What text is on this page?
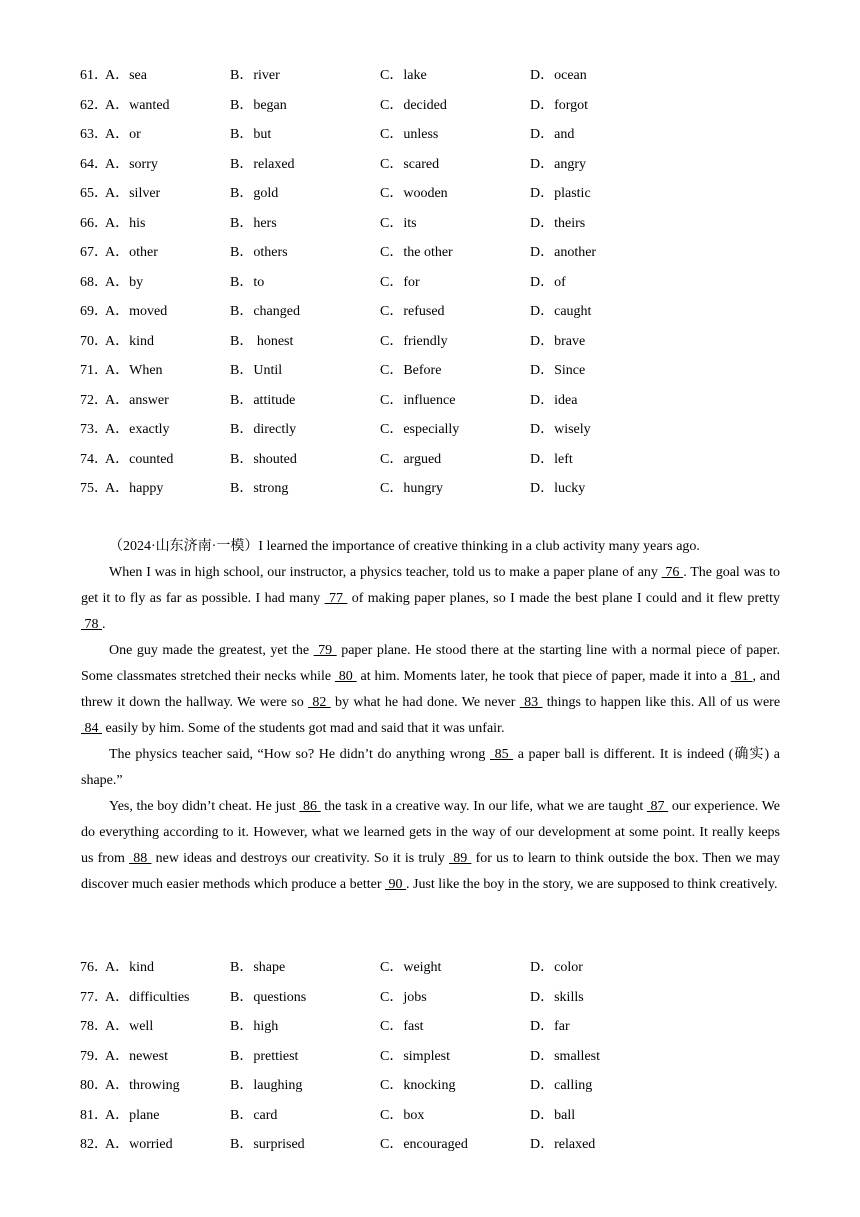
61．
A．sea	B．river	C．lake	D．ocean
62．
A．wanted	B．began	C．decided	D．forgot
63．
A．or	B．but	C．unless	D．and
64．
A．sorry	B．relaxed	C．scared	D．angry
65．
A．silver	B．gold	C．wooden	D．plastic
66．
A．his	B．hers	C．its	D．theirs
67．
A．other	B．others	C．the other	D．another
68．
A．by	B．to	C．for	D．of
69．
A．moved	B．changed	C．refused	D．caught
70．
A．kind	B． honest	C．friendly	D．brave
71．
A．When	B．Until	C．Before	D．Since
72．
A．answer	B．attitude	C．influence	D．idea
73．
A．exactly	B．directly	C．especially	D．wisely
74．
A．counted	B．shouted	C．argued	D．left
75．
A．happy	B．strong	C．hungry	D．lucky

（2024·山东济南·一模）I learned the importance of creative thinking in a club activity many years ago.

When I was in high school, our instructor, a physics teacher, told us to make a paper plane of any  76 . The goal was to get it to fly as far as possible. I had many  77  of making paper planes, so I made the best plane I could and it flew pretty  78 .

One guy made the greatest, yet the  79  paper plane. He stood there at the starting line with a normal piece of paper. Some classmates stretched their necks while  80  at him. Moments later, he took that piece of paper, made it into a  81 , and threw it down the hallway. We were so  82  by what he had done. We never  83  things to happen like this. All of us were  84  easily by him. Some of the students got mad and said that it was unfair.

The physics teacher said, “How so? He didn’t do anything wrong  85  a paper ball is different. It is indeed (确实) a shape.”

Yes, the boy didn’t cheat. He just  86  the task in a creative way. In our life, what we are taught  87  our experience. We do everything according to it. However, what we learned gets in the way of our development at some point. It really keeps us from  88  new ideas and destroys our creativity. So it is truly  89  for us to learn to think outside the box. Then we may discover much easier methods which produce a better  90 . Just like the boy in the story, we are supposed to think creatively.

76．
A．kind	B．shape	C．weight	D．color
77．
A．difficulties	B．questions	C．jobs	D．skills
78．
A．well	B．high	C．fast	D．far
79．
A．newest	B．prettiest	C．simplest	D．smallest
80．
A．throwing	B．laughing	C．knocking	D．calling
81．
A．plane	B．card	C．box	D．ball
82．
A．worried	B．surprised	C．encouraged	D．relaxed
